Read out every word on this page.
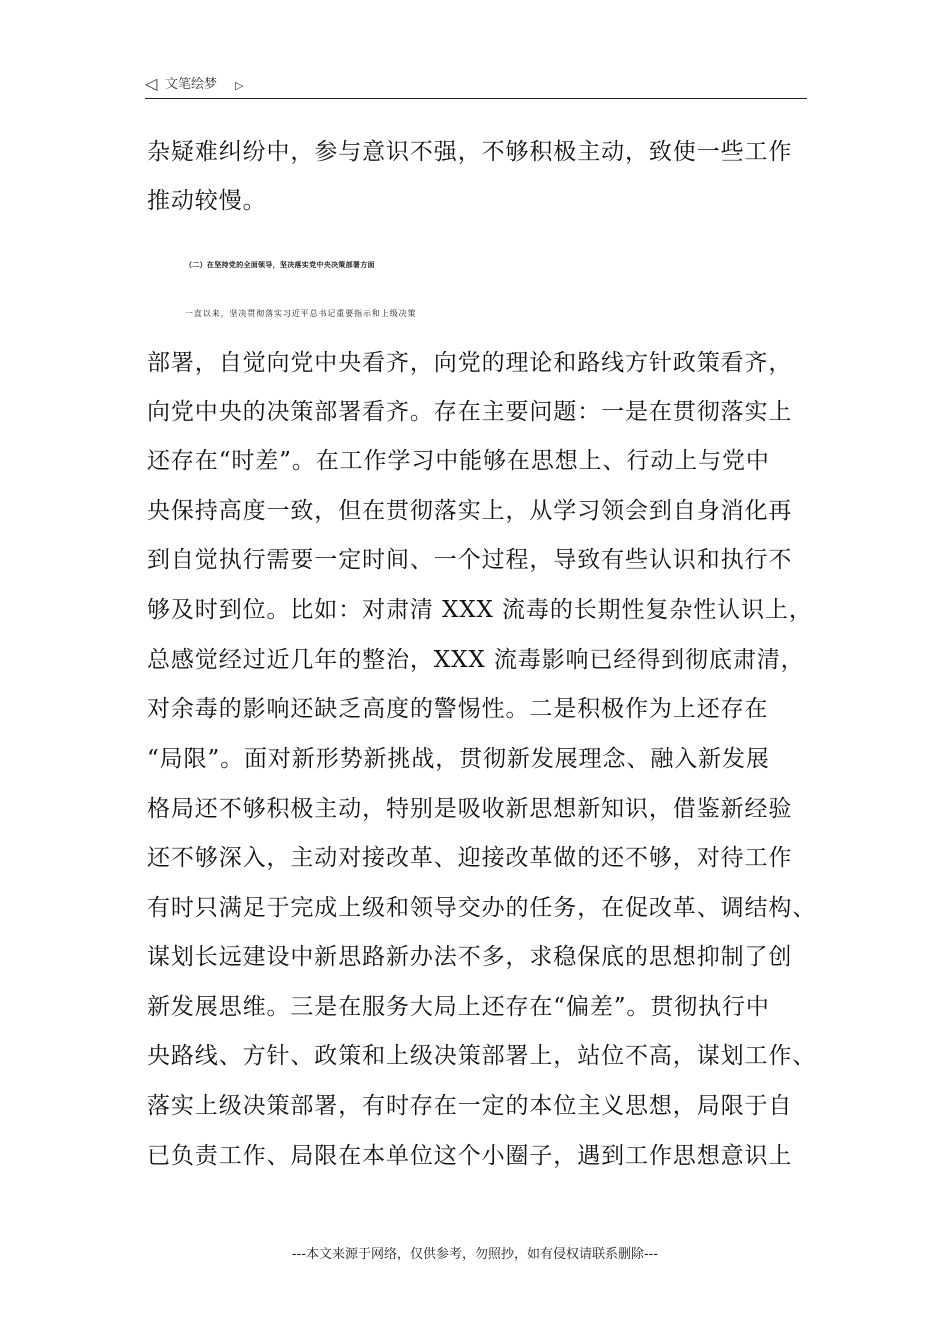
◁ 文笔绘梦 ▷
杂疑难纠纷中，参与意识不强，不够积极主动，致使一些工作
推动较慢。
（二）在坚持党的全面领导，坚决落实党中央决策部署方面
一直以来，坚决贯彻落实习近平总书记重要指示和上级决策
部署，自觉向党中央看齐，向党的理论和路线方针政策看齐，
向党中央的决策部署看齐。存在主要问题：一是在贯彻落实上
还存在“时差”。在工作学习中能够在思想上、行动上与党中
央保持高度一致，但在贯彻落实上，从学习领会到自身消化再
到自觉执行需要一定时间、一个过程，导致有些认识和执行不
够及时到位。比如：对肃清 XXX 流毒的长期性复杂性认识上，
总感觉经过近几年的整治，XXX 流毒影响已经得到彻底肃清，
对余毒的影响还缺乏高度的警惕性。二是积极作为上还存在
“局限”。面对新形势新挑战，贯彻新发展理念、融入新发展
格局还不够积极主动，特别是吸收新思想新知识，借鉴新经验
还不够深入，主动对接改革、迎接改革做的还不够，对待工作
有时只满足于完成上级和领导交办的任务，在促改革、调结构、
谋划长远建设中新思路新办法不多，求稳保底的思想抑制了创
新发展思维。三是在服务大局上还存在“偏差”。贯彻执行中
央路线、方针、政策和上级决策部署上，站位不高，谋划工作、
落实上级决策部署，有时存在一定的本位主义思想，局限于自
已负责工作、局限在本单位这个小圈子，遇到工作思想意识上
---本文来源于网络，仅供参考，勿照抄，如有侵权请联系删除---
